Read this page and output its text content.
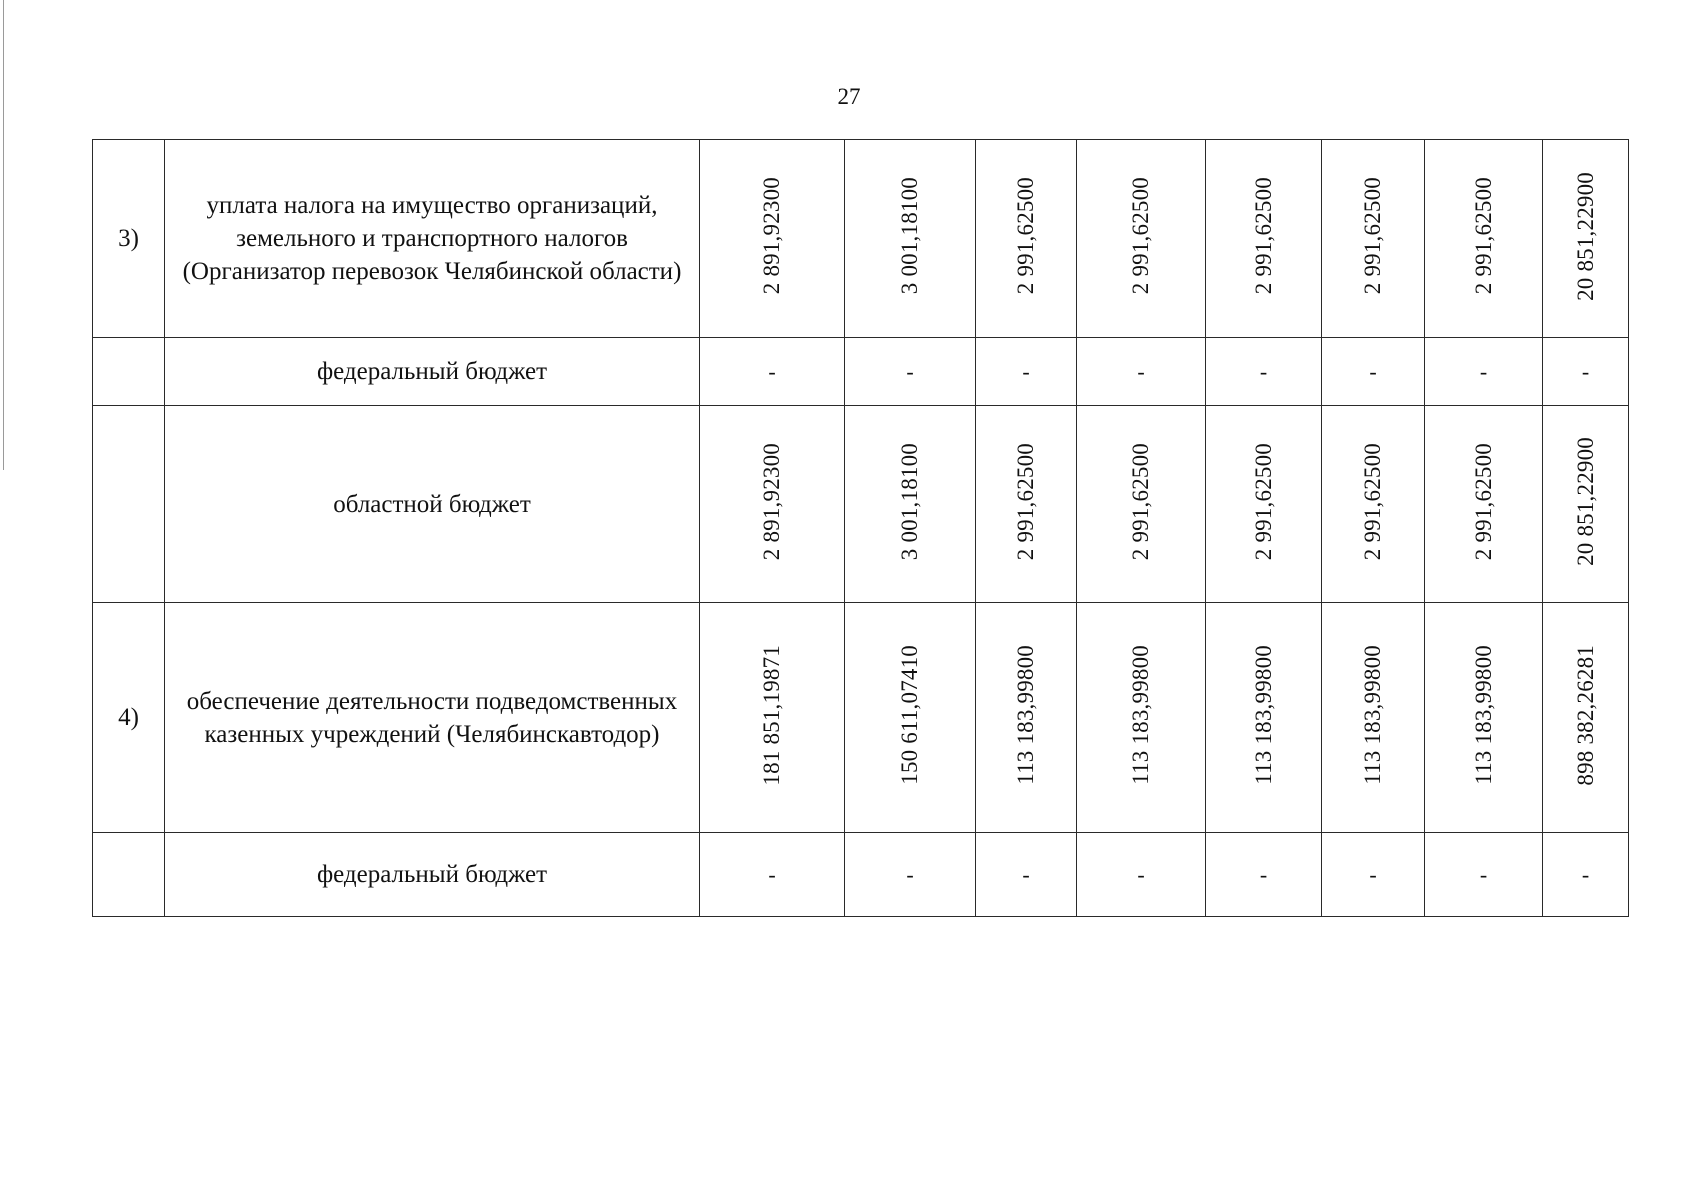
27
3)	уплата налога на имущество организаций, земельного и транспортного налогов (Организатор перевозок Челябинской области)	2 891,92300	3 001,18100	2 991,62500	2 991,62500	2 991,62500	2 991,62500	2 991,62500	20 851,22900
	федеральный бюджет	-	-	-	-	-	-	-	-
	областной бюджет	2 891,92300	3 001,18100	2 991,62500	2 991,62500	2 991,62500	2 991,62500	2 991,62500	20 851,22900
4)	обеспечение деятельности подведомственных казенных учреждений (Челябинскавтодор)	181 851,19871	150 611,07410	113 183,99800	113 183,99800	113 183,99800	113 183,99800	113 183,99800	898 382,26281
	федеральный бюджет	-	-	-	-	-	-	-	-
